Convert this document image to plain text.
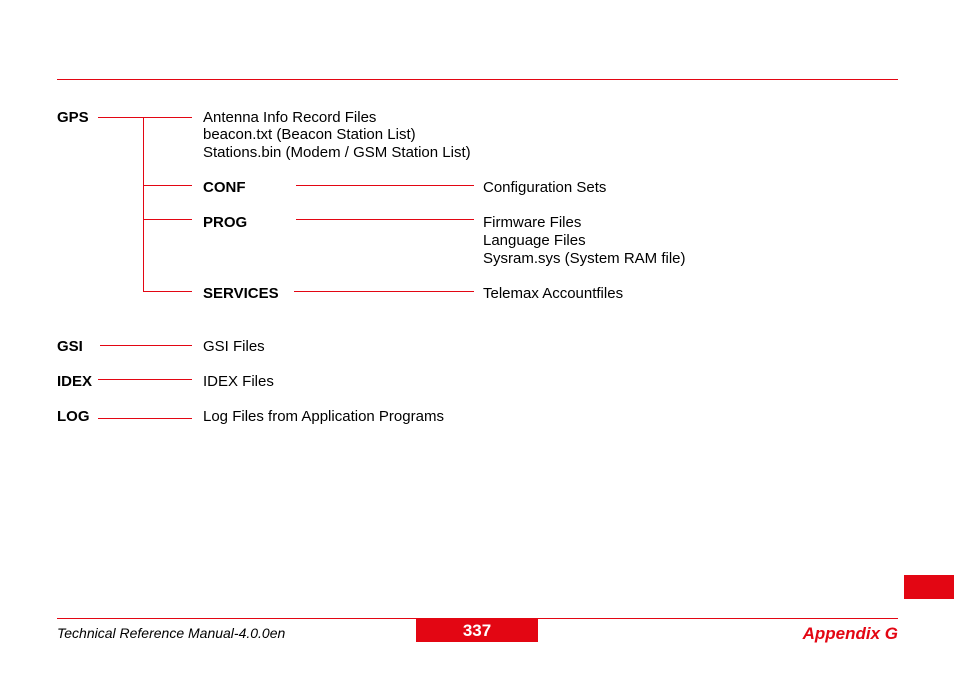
GPS	Antenna Info Record Files
beacon.txt (Beacon Station List)
Stations.bin (Modem / GSM Station List)
CONF	Configuration Sets
PROG	Firmware Files
Language Files
Sysram.sys (System RAM file)
SERVICES	Telemax Accountfiles
GSI	GSI Files
IDEX	IDEX Files
LOG	Log Files from Application Programs
Technical Reference Manual-4.0.0en	337	Appendix G
